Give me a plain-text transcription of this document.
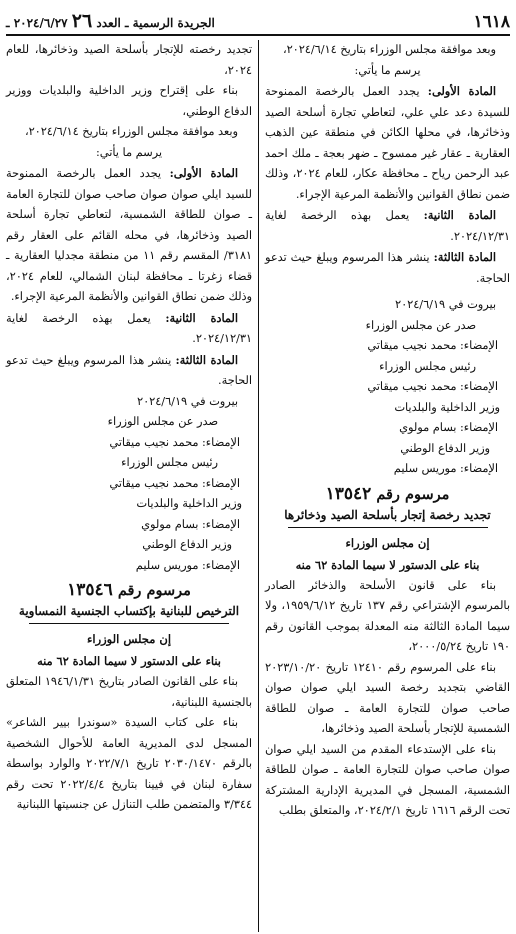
١٦١٨
الجريدة الرسمية ـ العدد ٢٦ ٢٠٢٤/٦/٢٧ ـ

وبعد موافقة مجلس الوزراء بتاريخ ٢٠٢٤/٦/١٤،

يرسم ما يأتي:

المادة الأولى: يجدد العمل بالرخصة الممنوحة للسيدة دعد علي علي، لتعاطي تجارة أسلحة الصيد وذخائرها، في محلها الكائن في منطقة عين الذهب العقارية ـ عقار غير ممسوح ـ ضهر بعجة ـ ملك احمد عبد الرحمن رياح ـ محافظة عكار، للعام ٢٠٢٤، وذلك ضمن نطاق القوانين والأنظمة المرعية الإجراء.

المادة الثانية: يعمل بهذه الرخصة لغاية ٢٠٢٤/١٢/٣١.

المادة الثالثة: ينشر هذا المرسوم ويبلغ حيث تدعو الحاجة.

بيروت في ٢٠٢٤/٦/١٩

صدر عن مجلس الوزراء

الإمضاء: محمد نجيب ميقاتي

رئيس مجلس الوزراء

الإمضاء: محمد نجيب ميقاتي

وزير الداخلية والبلديات

الإمضاء: بسام مولوي

وزير الدفاع الوطني

الإمضاء: موريس سليم

مرسوم رقم ١٣٥٤٢
تجديد رخصة إتجار بأسلحة الصيد وذخائرها
إن مجلس الوزراء
بناء على الدستور لا سيما المادة ٦٢ منه

بناء على قانون الأسلحة والذخائر الصادر بالمرسوم الإشتراعي رقم ١٣٧ تاريخ ١٩٥٩/٦/١٢، ولا سيما المادة الثالثة منه المعدلة بموجب القانون رقم ١٩٠ تاريخ ٢٠٠٠/٥/٢٤،

بناء على المرسوم رقم ١٢٤١٠ تاريخ ٢٠٢٣/١٠/٢٠ القاضي بتجديد رخصة السيد ايلي صوان صوان صاحب صوان للتجارة العامة ـ صوان للطاقة الشمسية للإتجار بأسلحة الصيد وذخائرها،

بناء على الإستدعاء المقدم من السيد ايلي صوان صوان صاحب صوان للتجارة العامة ـ صوان للطاقة الشمسية، المسجل في المديرية الإدارية المشتركة تحت الرقم ١٦١٦ تاريخ ٢٠٢٤/٢/١، والمتعلق بطلب

تجديد رخصته للإتجار بأسلحة الصيد وذخائرها، للعام ٢٠٢٤،

بناء على إقتراح وزير الداخلية والبلديات ووزير الدفاع الوطني،

وبعد موافقة مجلس الوزراء بتاريخ ٢٠٢٤/٦/١٤،

يرسم ما يأتي:

المادة الأولى: يجدد العمل بالرخصة الممنوحة للسيد ايلي صوان صوان صاحب صوان للتجارة العامة ـ صوان للطاقة الشمسية، لتعاطي تجارة أسلحة الصيد وذخائرها، في محله القائم على العقار رقم ٣١٨١/ المقسم رقم ١١ من منطقة مجدليا العقارية ـ قضاء زغرتا ـ محافظة لبنان الشمالي، للعام ٢٠٢٤، وذلك ضمن نطاق القوانين والأنظمة المرعية الإجراء.

المادة الثانية: يعمل بهذه الرخصة لغاية ٢٠٢٤/١٢/٣١.

المادة الثالثة: ينشر هذا المرسوم ويبلغ حيث تدعو الحاجة.

بيروت في ٢٠٢٤/٦/١٩

صدر عن مجلس الوزراء

الإمضاء: محمد نجيب ميقاتي

رئيس مجلس الوزراء

الإمضاء: محمد نجيب ميقاتي

وزير الداخلية والبلديات

الإمضاء: بسام مولوي

وزير الدفاع الوطني

الإمضاء: موريس سليم

مرسوم رقم ١٣٥٤٦
الترخيص للبنانية بإكتساب الجنسية النمساوية
إن مجلس الوزراء
بناء على الدستور لا سيما المادة ٦٢ منه

بناء على القانون الصادر بتاريخ ١٩٤٦/١/٣١ المتعلق بالجنسية اللبنانية،

بناء على كتاب السيدة «سوندرا بيير الشاعر» المسجل لدى المديرية العامة للأحوال الشخصية بالرقم ٢٠٣٠/١٤٧٠ تاريخ ٢٠٢٢/٧/١ والوارد بواسطة سفارة لبنان في فيينا بتاريخ ٢٠٢٢/٤/٤ تحت رقم ٣/٣٤٤ والمتضمن طلب التنازل عن جنسيتها اللبنانية
